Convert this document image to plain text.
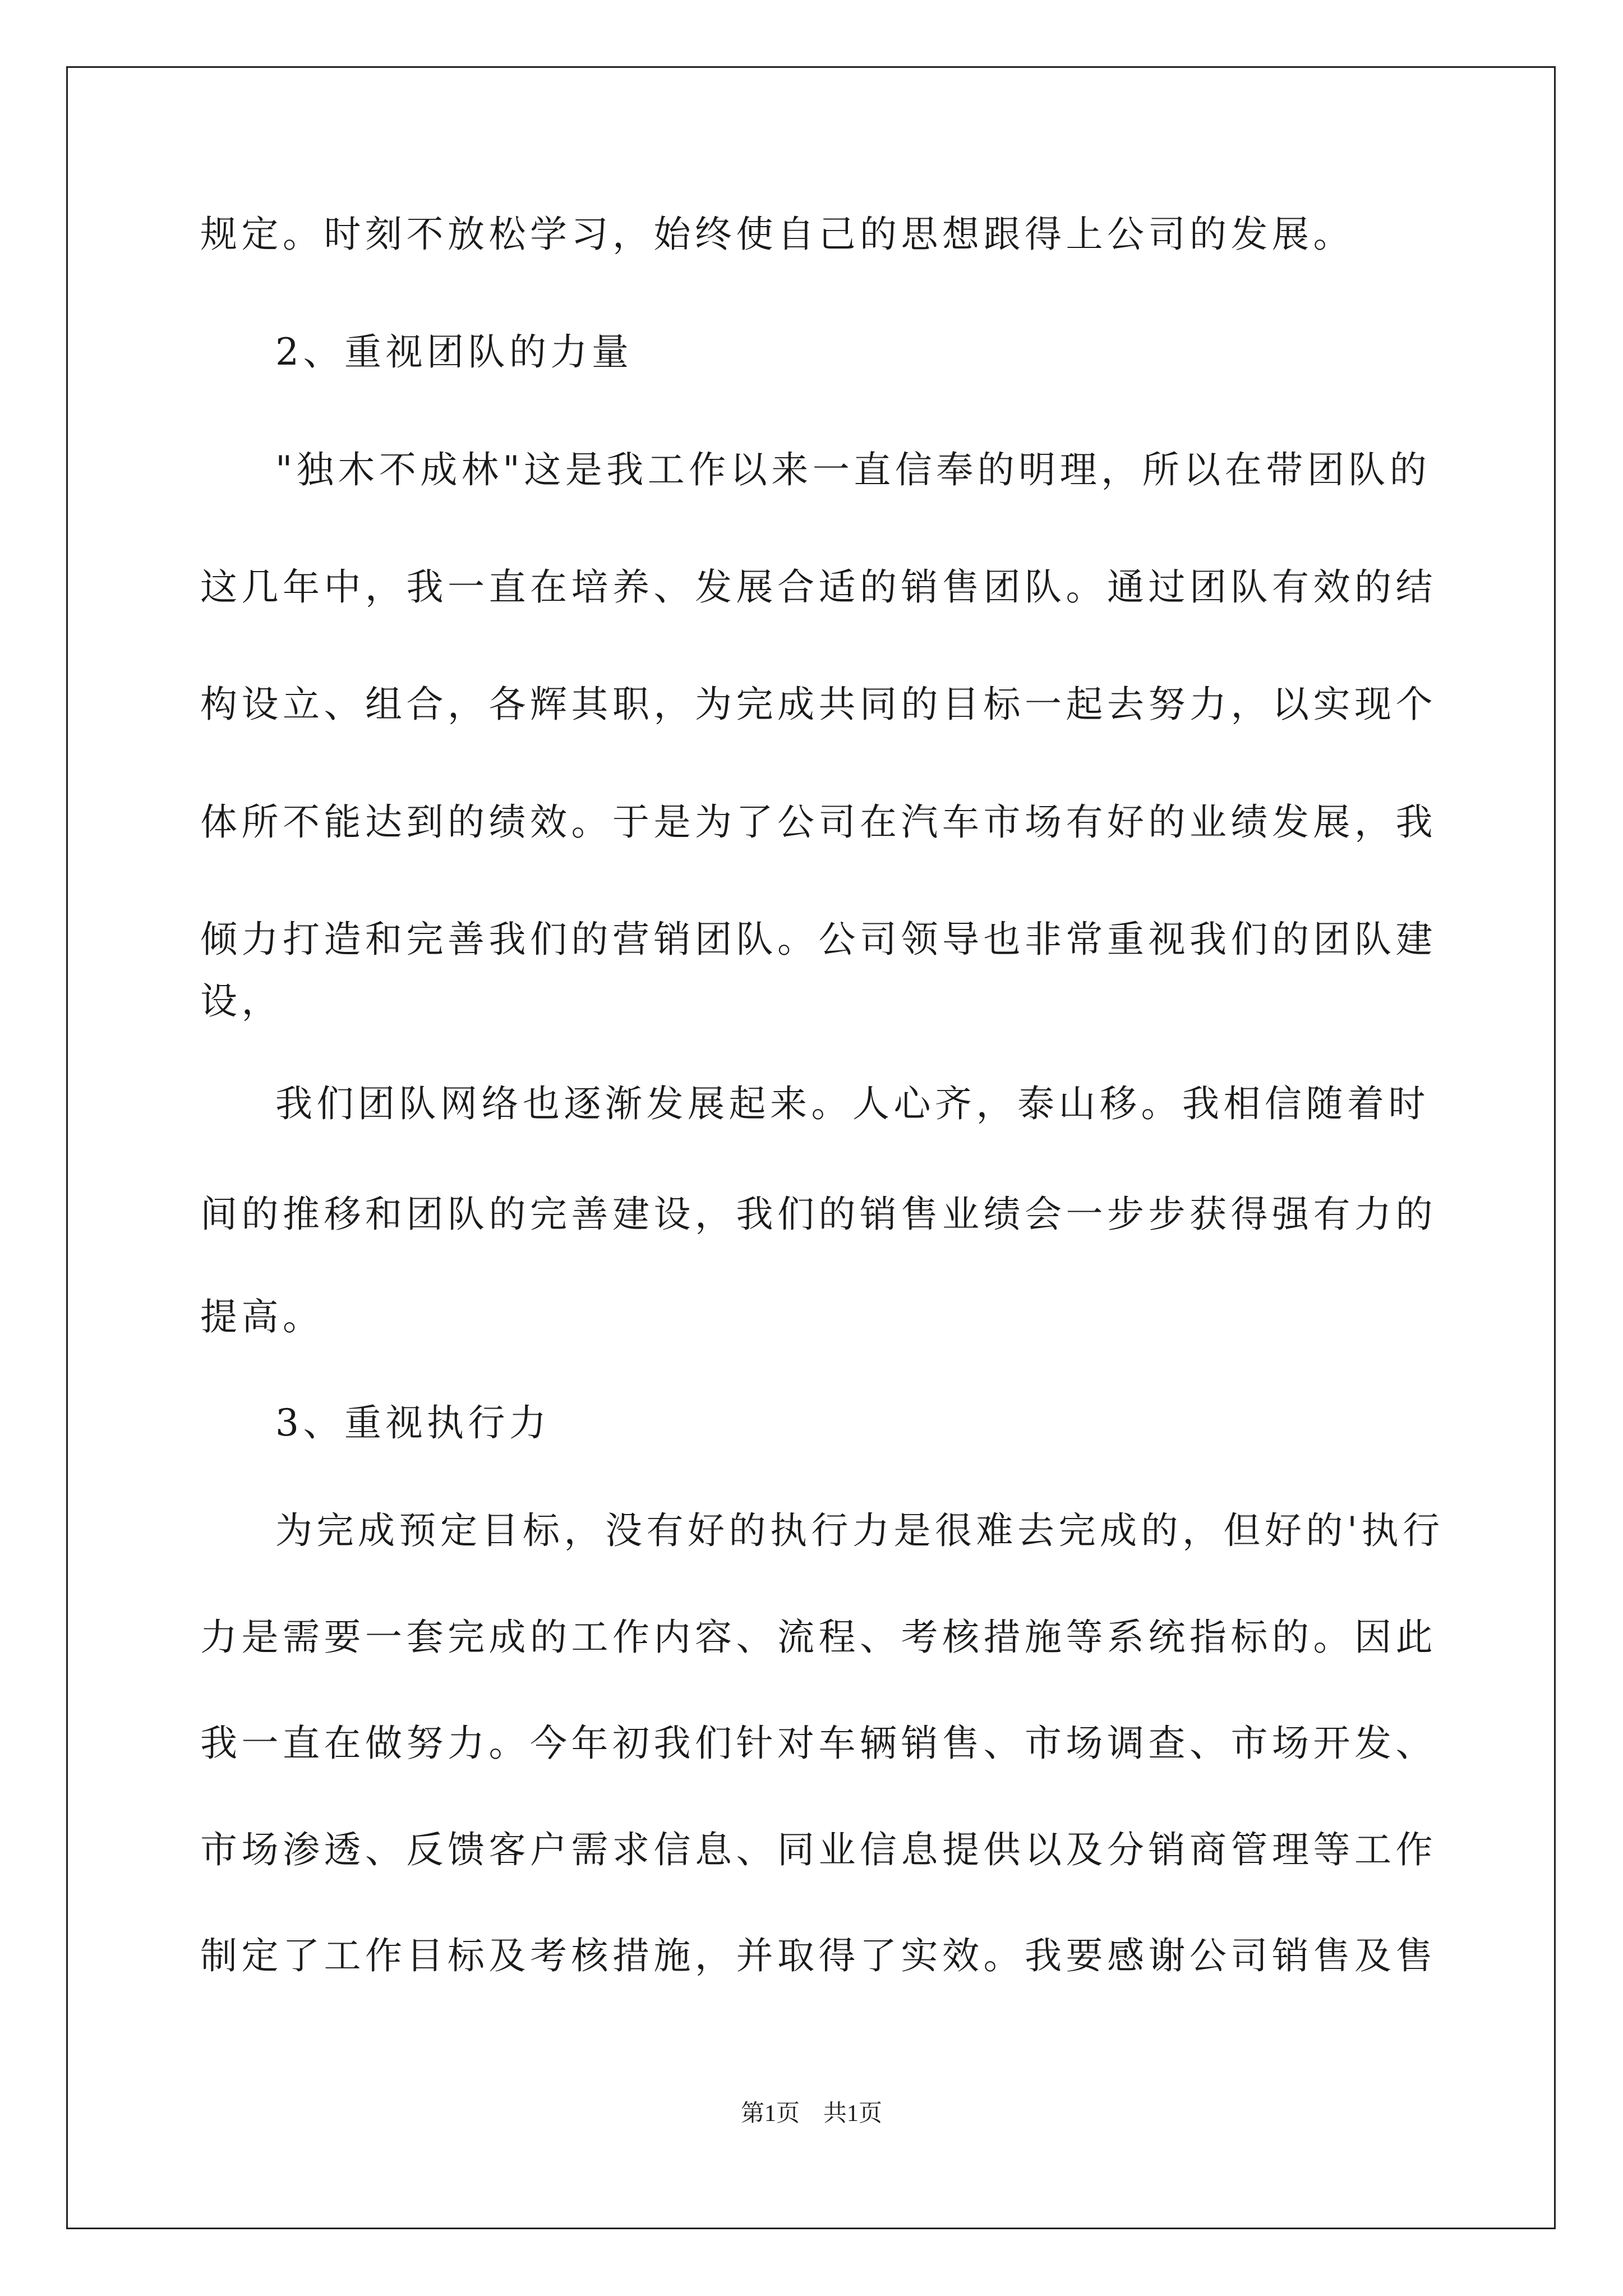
规定。时刻不放松学习，始终使自己的思想跟得上公司的发展。
2、重视团队的力量
"独木不成林"这是我工作以来一直信奉的明理，所以在带团队的
这几年中，我一直在培养、发展合适的销售团队。通过团队有效的结
构设立、组合，各辉其职，为完成共同的目标一起去努力，以实现个
体所不能达到的绩效。于是为了公司在汽车市场有好的业绩发展，我
倾力打造和完善我们的营销团队。公司领导也非常重视我们的团队建
设，
我们团队网络也逐渐发展起来。人心齐，泰山移。我相信随着时
间的推移和团队的完善建设，我们的销售业绩会一步步获得强有力的
提高。
3、重视执行力
为完成预定目标，没有好的执行力是很难去完成的，但好的'执行
力是需要一套完成的工作内容、流程、考核措施等系统指标的。因此
我一直在做努力。今年初我们针对车辆销售、市场调查、市场开发、
市场渗透、反馈客户需求信息、同业信息提供以及分销商管理等工作
制定了工作目标及考核措施，并取得了实效。我要感谢公司销售及售
第1页　共1页
